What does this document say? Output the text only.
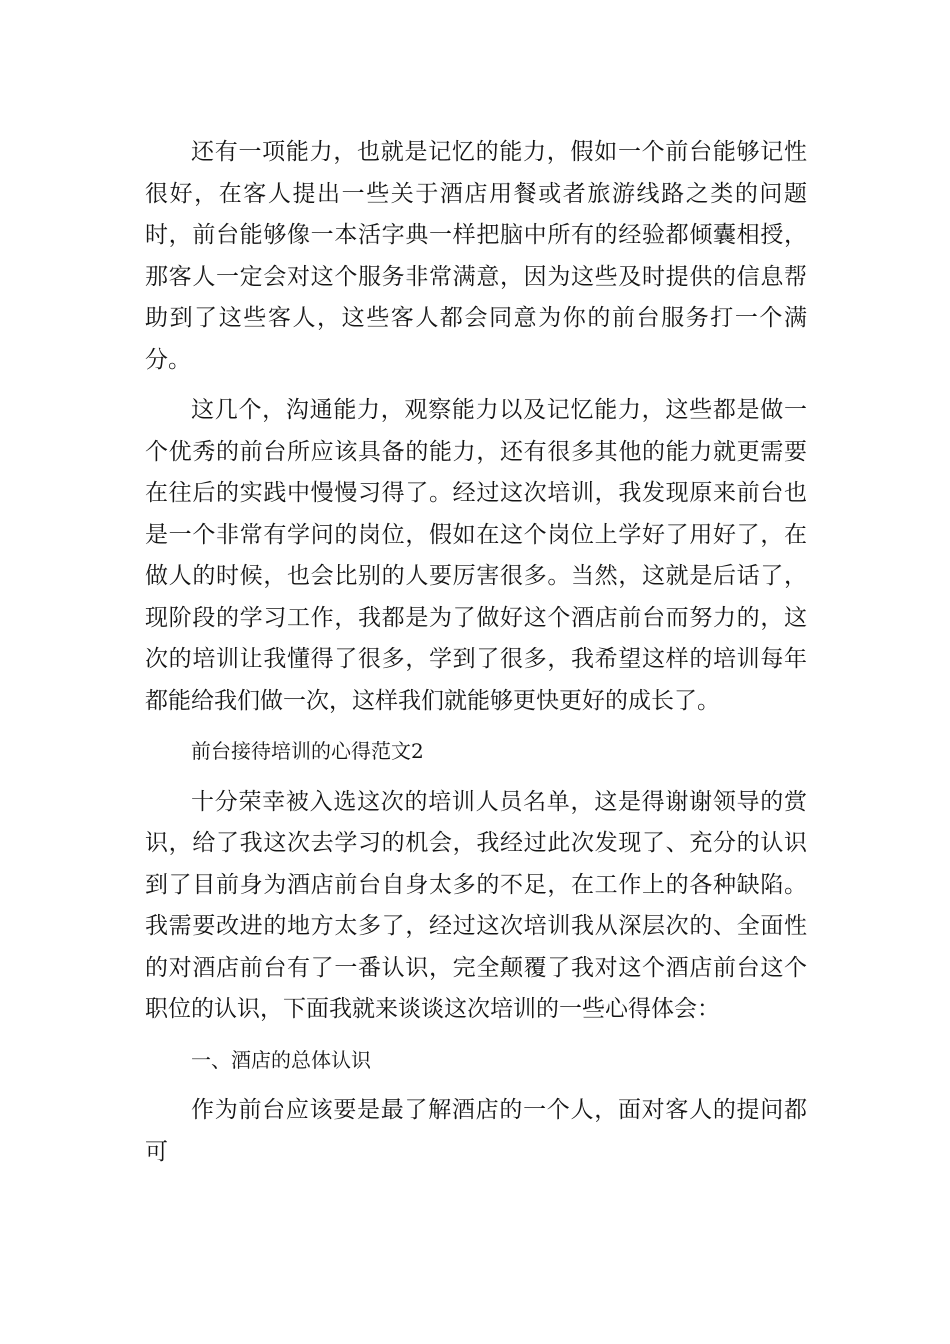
还有一项能力，也就是记忆的能力，假如一个前台能够记性很好，在客人提出一些关于酒店用餐或者旅游线路之类的问题时，前台能够像一本活字典一样把脑中所有的经验都倾囊相授，那客人一定会对这个服务非常满意，因为这些及时提供的信息帮助到了这些客人，这些客人都会同意为你的前台服务打一个满分。

这几个，沟通能力，观察能力以及记忆能力，这些都是做一个优秀的前台所应该具备的能力，还有很多其他的能力就更需要在往后的实践中慢慢习得了。经过这次培训，我发现原来前台也是一个非常有学问的岗位，假如在这个岗位上学好了用好了，在做人的时候，也会比别的人要厉害很多。当然，这就是后话了，现阶段的学习工作，我都是为了做好这个酒店前台而努力的，这次的培训让我懂得了很多，学到了很多，我希望这样的培训每年都能给我们做一次，这样我们就能够更快更好的成长了。

前台接待培训的心得范文2

十分荣幸被入选这次的培训人员名单，这是得谢谢领导的赏识，给了我这次去学习的机会，我经过此次发现了、充分的认识到了目前身为酒店前台自身太多的不足，在工作上的各种缺陷。我需要改进的地方太多了，经过这次培训我从深层次的、全面性的对酒店前台有了一番认识，完全颠覆了我对这个酒店前台这个职位的认识，下面我就来谈谈这次培训的一些心得体会：

一、酒店的总体认识

作为前台应该要是最了解酒店的一个人，面对客人的提问都可
